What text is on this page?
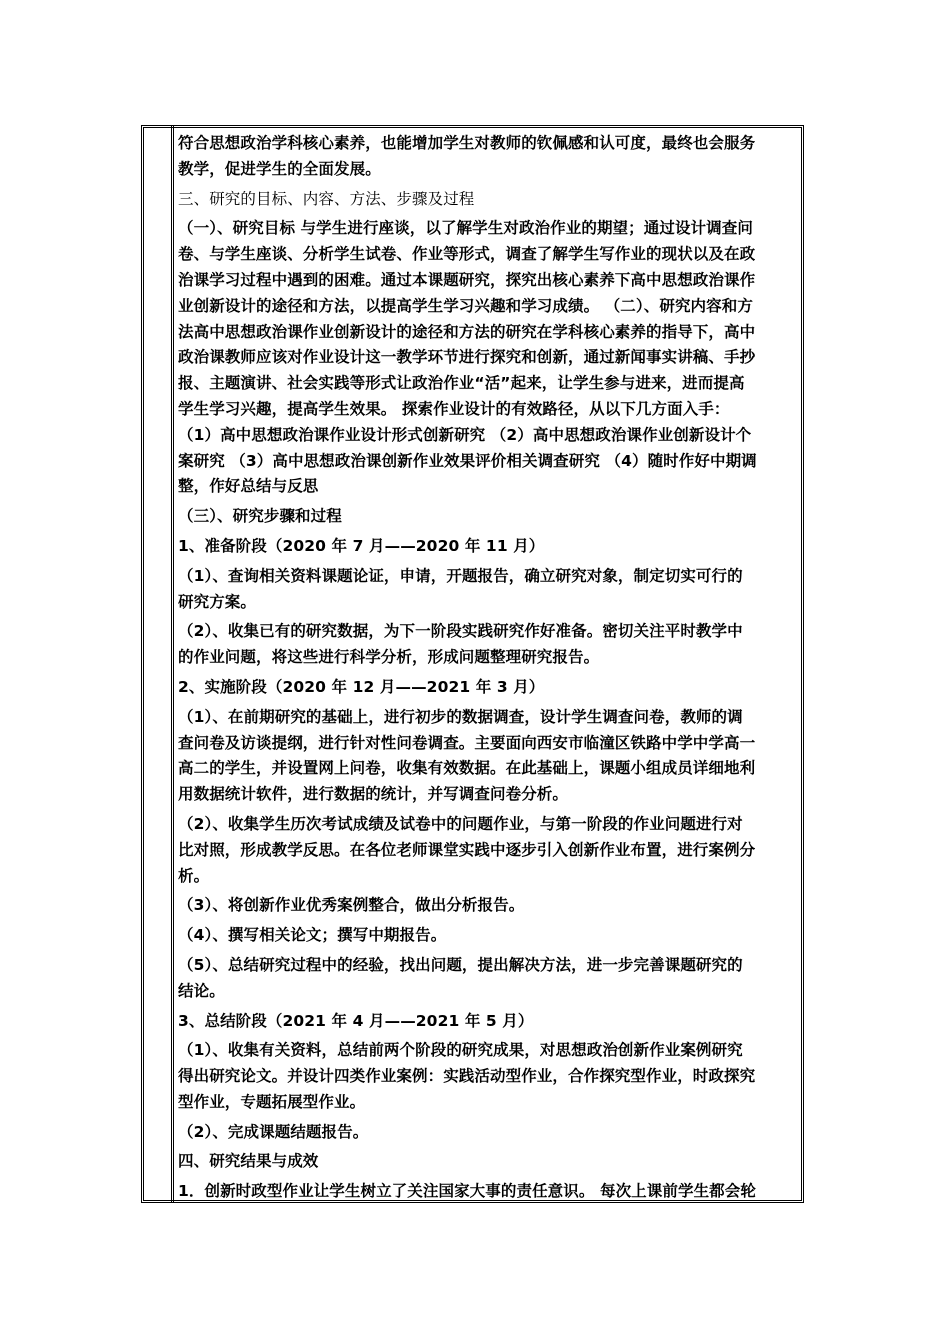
符合思想政治学科核心素养，也能增加学生对教师的钦佩感和认可度，最终也会服务
教学，促进学生的全面发展。
三、研究的目标、内容、方法、步骤及过程
（一）、研究目标 与学生进行座谈，以了解学生对政治作业的期望；通过设计调查问
卷、与学生座谈、分析学生试卷、作业等形式，调查了解学生写作业的现状以及在政
治课学习过程中遇到的困难。通过本课题研究，探究出核心素养下高中思想政治课作
业创新设计的途径和方法，以提高学生学习兴趣和学习成绩。 （二）、研究内容和方
法高中思想政治课作业创新设计的途径和方法的研究在学科核心素养的指导下，高中
政治课教师应该对作业设计这一教学环节进行探究和创新，通过新闻事实讲稿、手抄
报、主题演讲、社会实践等形式让政治作业“活”起来，让学生参与进来，进而提高
学生学习兴趣，提高学生效果。 探索作业设计的有效路径，从以下几方面入手：
（1）高中思想政治课作业设计形式创新研究 （2）高中思想政治课作业创新设计个
案研究 （3）高中思想政治课创新作业效果评价相关调查研究 （4）随时作好中期调
整，作好总结与反思
（三）、研究步骤和过程
1、准备阶段（2020 年 7 月——2020 年 11 月）
（1）、查询相关资料课题论证，申请，开题报告，确立研究对象，制定切实可行的
研究方案。
（2）、收集已有的研究数据，为下一阶段实践研究作好准备。密切关注平时教学中
的作业问题，将这些进行科学分析，形成问题整理研究报告。
2、实施阶段（2020 年 12 月——2021 年 3 月）
（1）、在前期研究的基础上，进行初步的数据调查，设计学生调查问卷，教师的调
查问卷及访谈提纲，进行针对性问卷调查。主要面向西安市临潼区铁路中学中学高一
高二的学生，并设置网上问卷，收集有效数据。在此基础上，课题小组成员详细地利
用数据统计软件，进行数据的统计，并写调查问卷分析。
（2）、收集学生历次考试成绩及试卷中的问题作业，与第一阶段的作业问题进行对
比对照，形成教学反思。在各位老师课堂实践中逐步引入创新作业布置，进行案例分
析。
（3）、将创新作业优秀案例整合，做出分析报告。
（4）、撰写相关论文；撰写中期报告。
（5）、总结研究过程中的经验，找出问题，提出解决方法，进一步完善课题研究的
结论。
3、总结阶段（2021 年 4 月——2021 年 5 月）
（1）、收集有关资料，总结前两个阶段的研究成果，对思想政治创新作业案例研究
得出研究论文。并设计四类作业案例：实践活动型作业，合作探究型作业，时政探究
型作业，专题拓展型作业。
（2）、完成课题结题报告。
四、研究结果与成效
1．创新时政型作业让学生树立了关注国家大事的责任意识。 每次上课前学生都会轮
